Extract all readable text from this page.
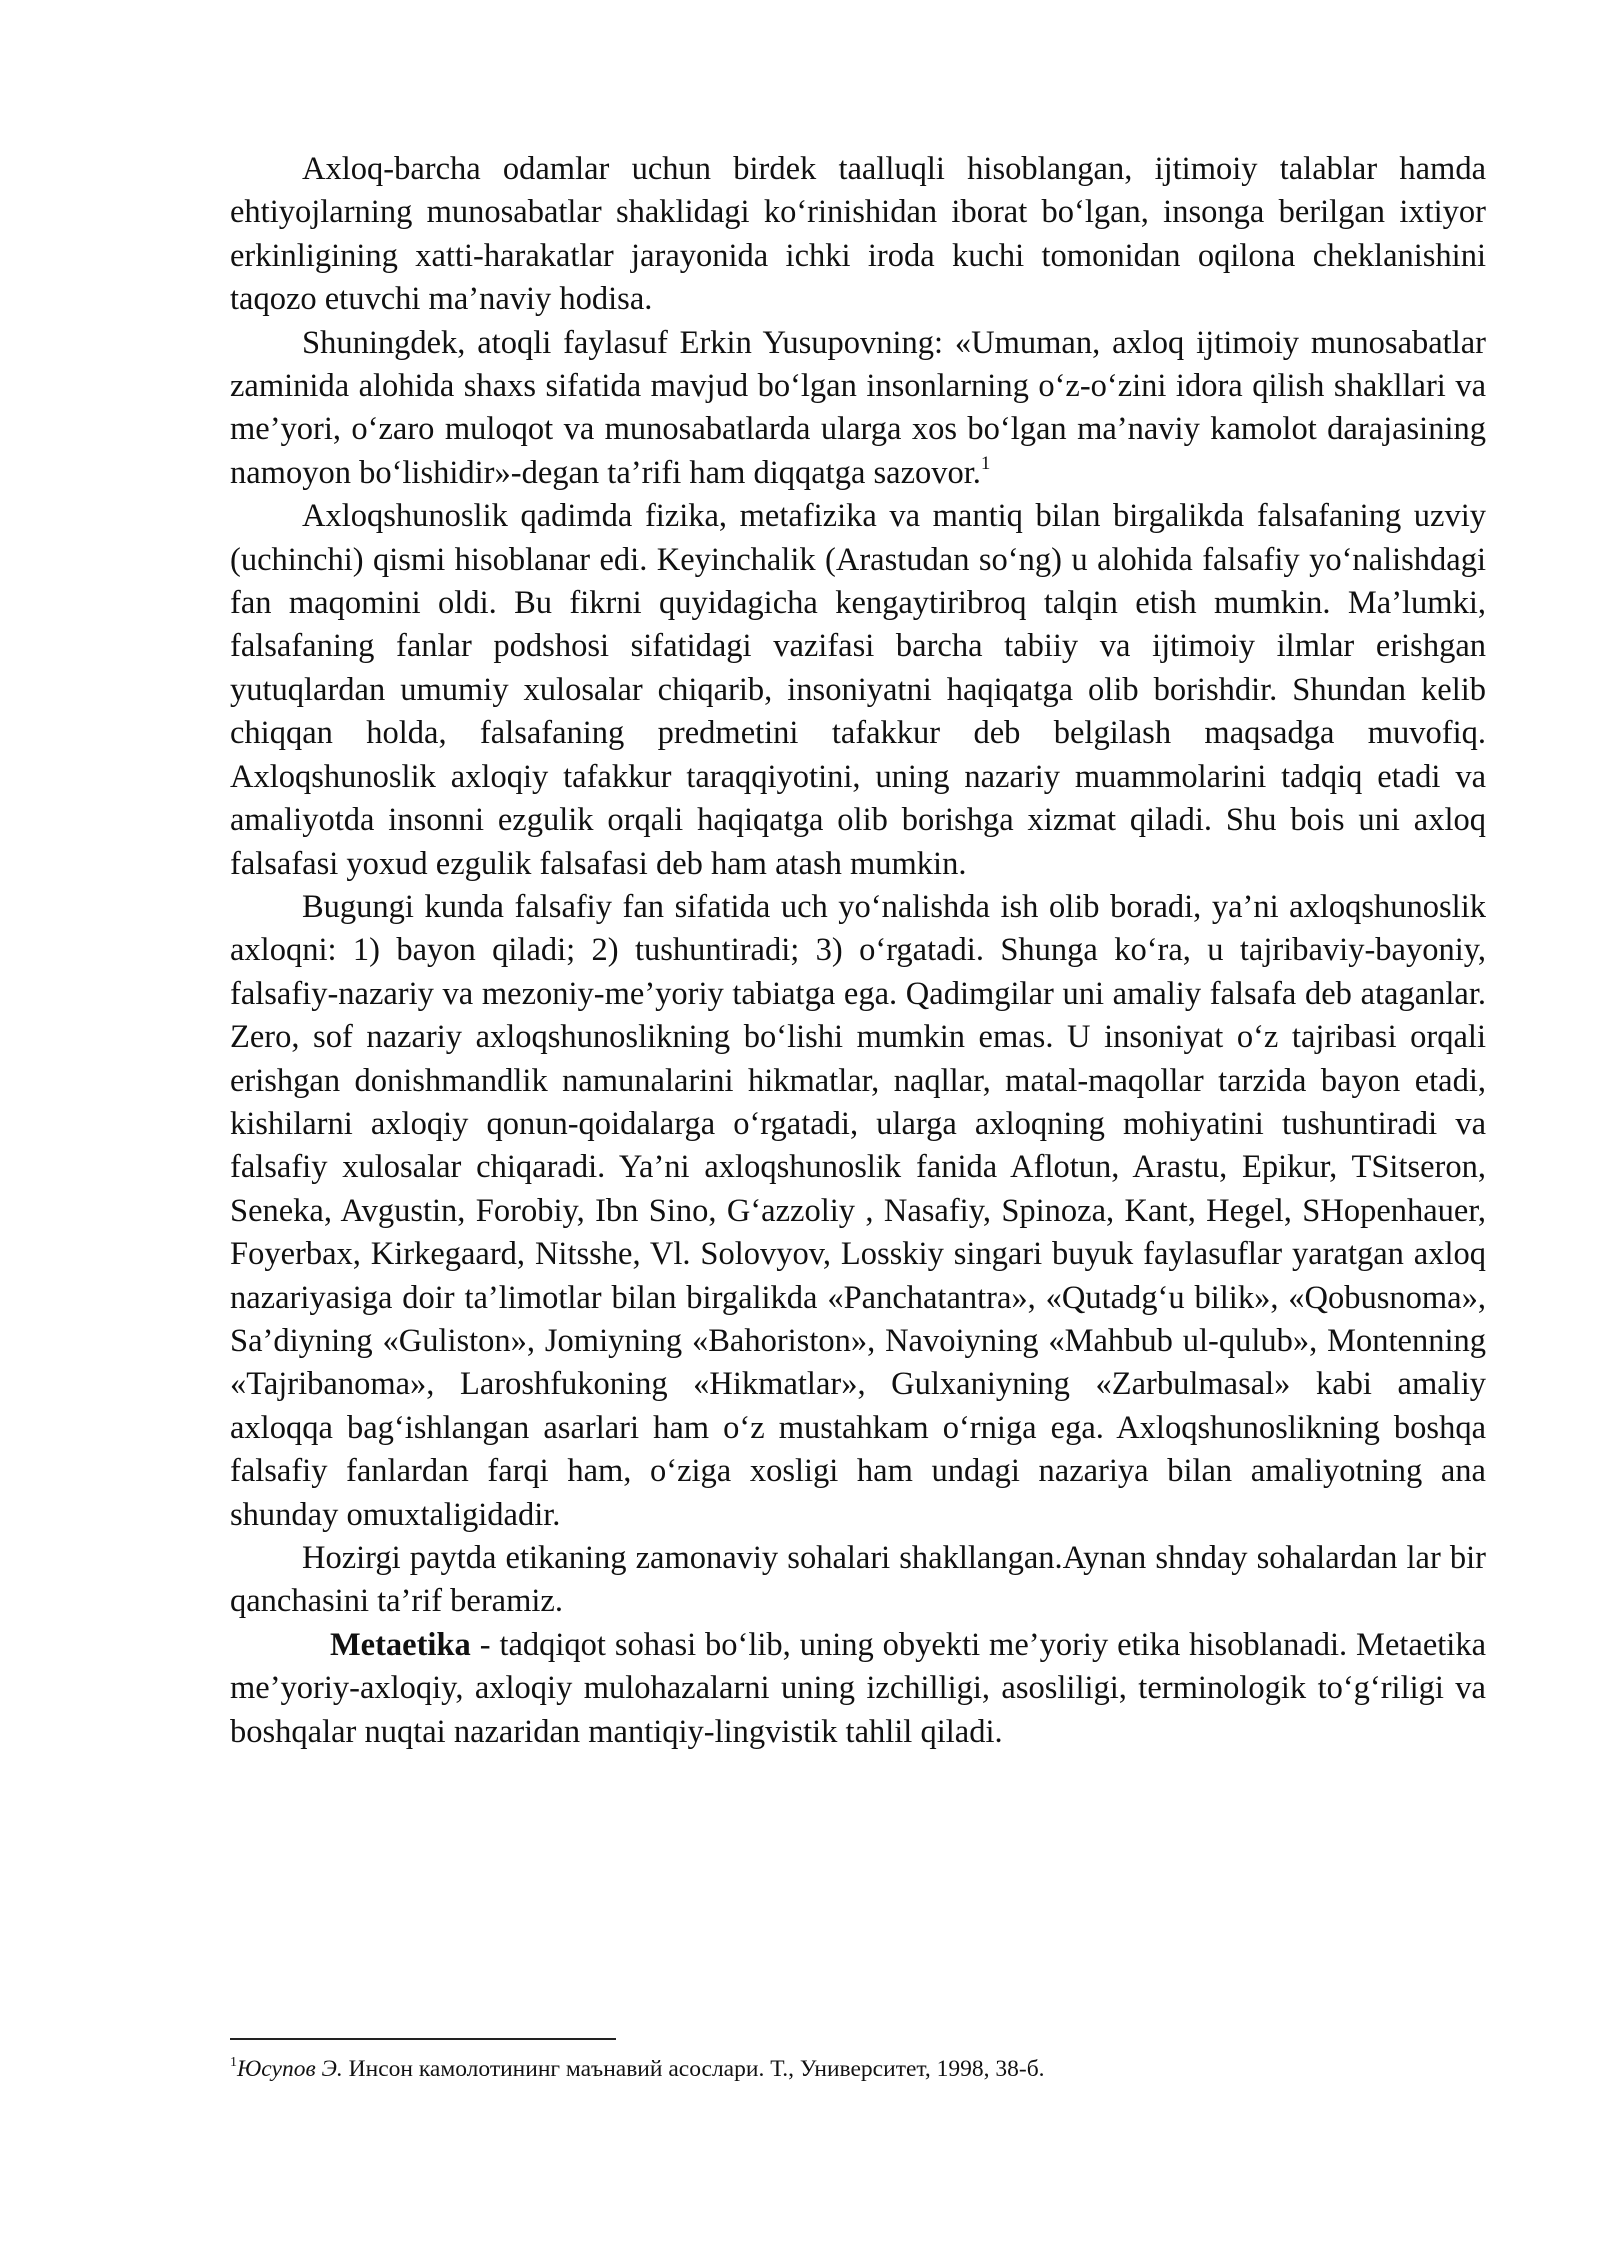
Axloq-barcha odamlar uchun birdek taalluqli hisoblangan, ijtimoiy talablar hamda ehtiyojlarning munosabatlar shaklidagi ko‘rinishidan iborat bo‘lgan, insonga berilgan ixtiyor erkinligining xatti-harakatlar jarayonida ichki iroda kuchi tomonidan oqilona cheklanishini taqozo etuvchi ma’naviy hodisa.

Shuningdek, atoqli faylasuf Erkin Yusupovning: «Umuman, axloq ijtimoiy munosabatlar zaminida alohida shaxs sifatida mavjud bo‘lgan insonlarning o‘z-o‘zini idora qilish shakllari va me’yori, o‘zaro muloqot va munosabatlarda ularga xos bo‘lgan ma’naviy kamolot darajasining namoyon bo‘lishidir»-degan ta’rifi ham diqqatga sazovor.$^1$

Axloqshunoslik qadimda fizika, metafizika va mantiq bilan birgalikda falsafaning uzviy (uchinchi) qismi hisoblanar edi. Keyinchalik (Arastudan so‘ng) u alohida falsafiy yo‘nalishdagi fan maqomini oldi. Bu fikrni quyidagicha kengaytiribroq talqin etish mumkin. Ma’lumki, falsafaning fanlar podshosi sifatidagi vazifasi barcha tabiiy va ijtimoiy ilmlar erishgan yutuqlardan umumiy xulosalar chiqarib, insoniyatni haqiqatga olib borishdir. Shundan kelib chiqqan holda, falsafaning predmetini tafakkur deb belgilash maqsadga muvofiq. Axloqshunoslik axloqiy tafakkur taraqqiyotini, uning nazariy muammolarini tadqiq etadi va amaliyotda insonni ezgulik orqali haqiqatga olib borishga xizmat qiladi. Shu bois uni axloq falsafasi yoxud ezgulik falsafasi deb ham atash mumkin.

Bugungi kunda falsafiy fan sifatida uch yo‘nalishda ish olib boradi, ya’ni axloqshunoslik axloqni: 1) bayon qiladi; 2) tushuntiradi; 3) o‘rgatadi. Shunga ko‘ra, u tajribaviy-bayoniy, falsafiy-nazariy va mezoniy-me’yoriy tabiatga ega. Qadimgilar uni amaliy falsafa deb ataganlar. Zero, sof nazariy axloqshunoslikning bo‘lishi mumkin emas. U insoniyat o‘z tajribasi orqali erishgan donishmandlik namunalarini hikmatlar, naqllar, matal-maqollar tarzida bayon etadi, kishilarni axloqiy qonun-qoidalarga o‘rgatadi, ularga axloqning mohiyatini tushuntiradi va falsafiy xulosalar chiqaradi. Ya’ni axloqshunoslik fanida Aflotun, Arastu, Epikur, TSitseron, Seneka, Avgustin, Forobiy, Ibn Sino, G‘azzoliy , Nasafiy, Spinoza, Kant, Hegel, SHopenhauer, Foyerbax, Kirkegaard, Nitsshe, Vl. Solovyov, Losskiy singari buyuk faylasuflar yaratgan axloq nazariyasiga doir ta’limotlar bilan birgalikda «Panchatantra», «Qutadg‘u bilik», «Qobusnoma», Sa’diyning «Guliston», Jomiyning «Bahoriston», Navoiyning «Mahbub ul-qulub», Montenning «Tajribanoma», Laroshfukoning «Hikmatlar», Gulxaniyning «Zarbulmasal» kabi amaliy axloqqa bag‘ishlangan asarlari ham o‘z mustahkam o‘rniga ega. Axloqshunoslikning boshqa falsafiy fanlardan farqi ham, o‘ziga xosligi ham undagi nazariya bilan amaliyotning ana shunday omuxtaligidadir.

Hozirgi paytda etikaning zamonaviy sohalari shakllangan.Aynan shnday sohalardan lar bir qanchasini ta’rif beramiz.

Metaetika - tadqiqot sohasi bo‘lib, uning obyekti me’yoriy etika hisoblanadi. Metaetika me’yoriy-axloqiy, axloqiy mulohazalarni uning izchilligi, asosliligi, terminologik to‘g‘riligi va boshqalar nuqtai nazaridan mantiqiy-lingvistik tahlil qiladi.

$^1$Юсупов Э. Инсон камолотининг маънавий асослари. Т., Университет, 1998, 38-б.
